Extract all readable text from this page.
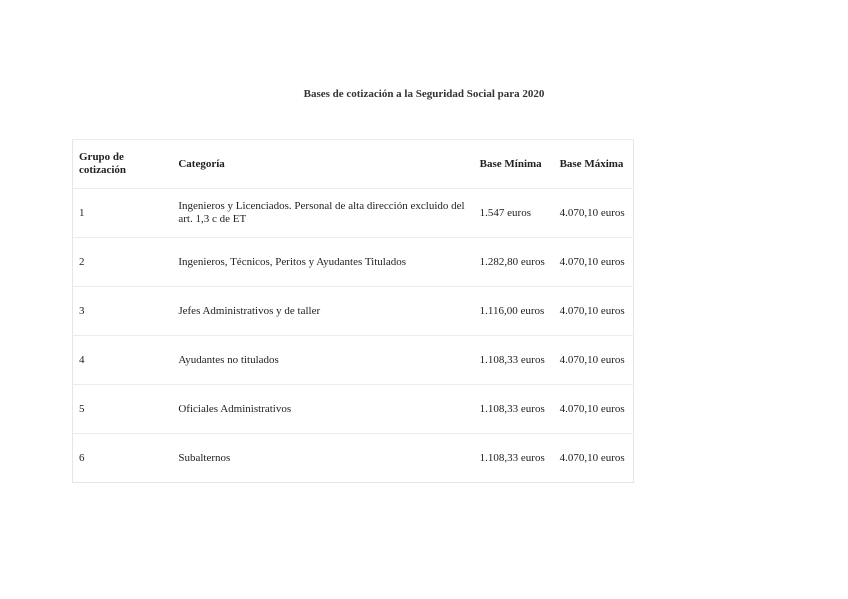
Bases de cotización a la Seguridad Social para 2020
Grupo de cotización	Categoría	Base Mínima	Base Máxima
1	Ingenieros y Licenciados. Personal de alta dirección excluido del art. 1,3 c de ET	1.547 euros	4.070,10 euros
2	Ingenieros, Técnicos, Peritos y Ayudantes Titulados	1.282,80 euros	4.070,10 euros
3	Jefes Administrativos y de taller	1.116,00 euros	4.070,10 euros
4	Ayudantes no titulados	1.108,33 euros	4.070,10 euros
5	Oficiales Administrativos	1.108,33 euros	4.070,10 euros
6	Subalternos	1.108,33 euros	4.070,10 euros
